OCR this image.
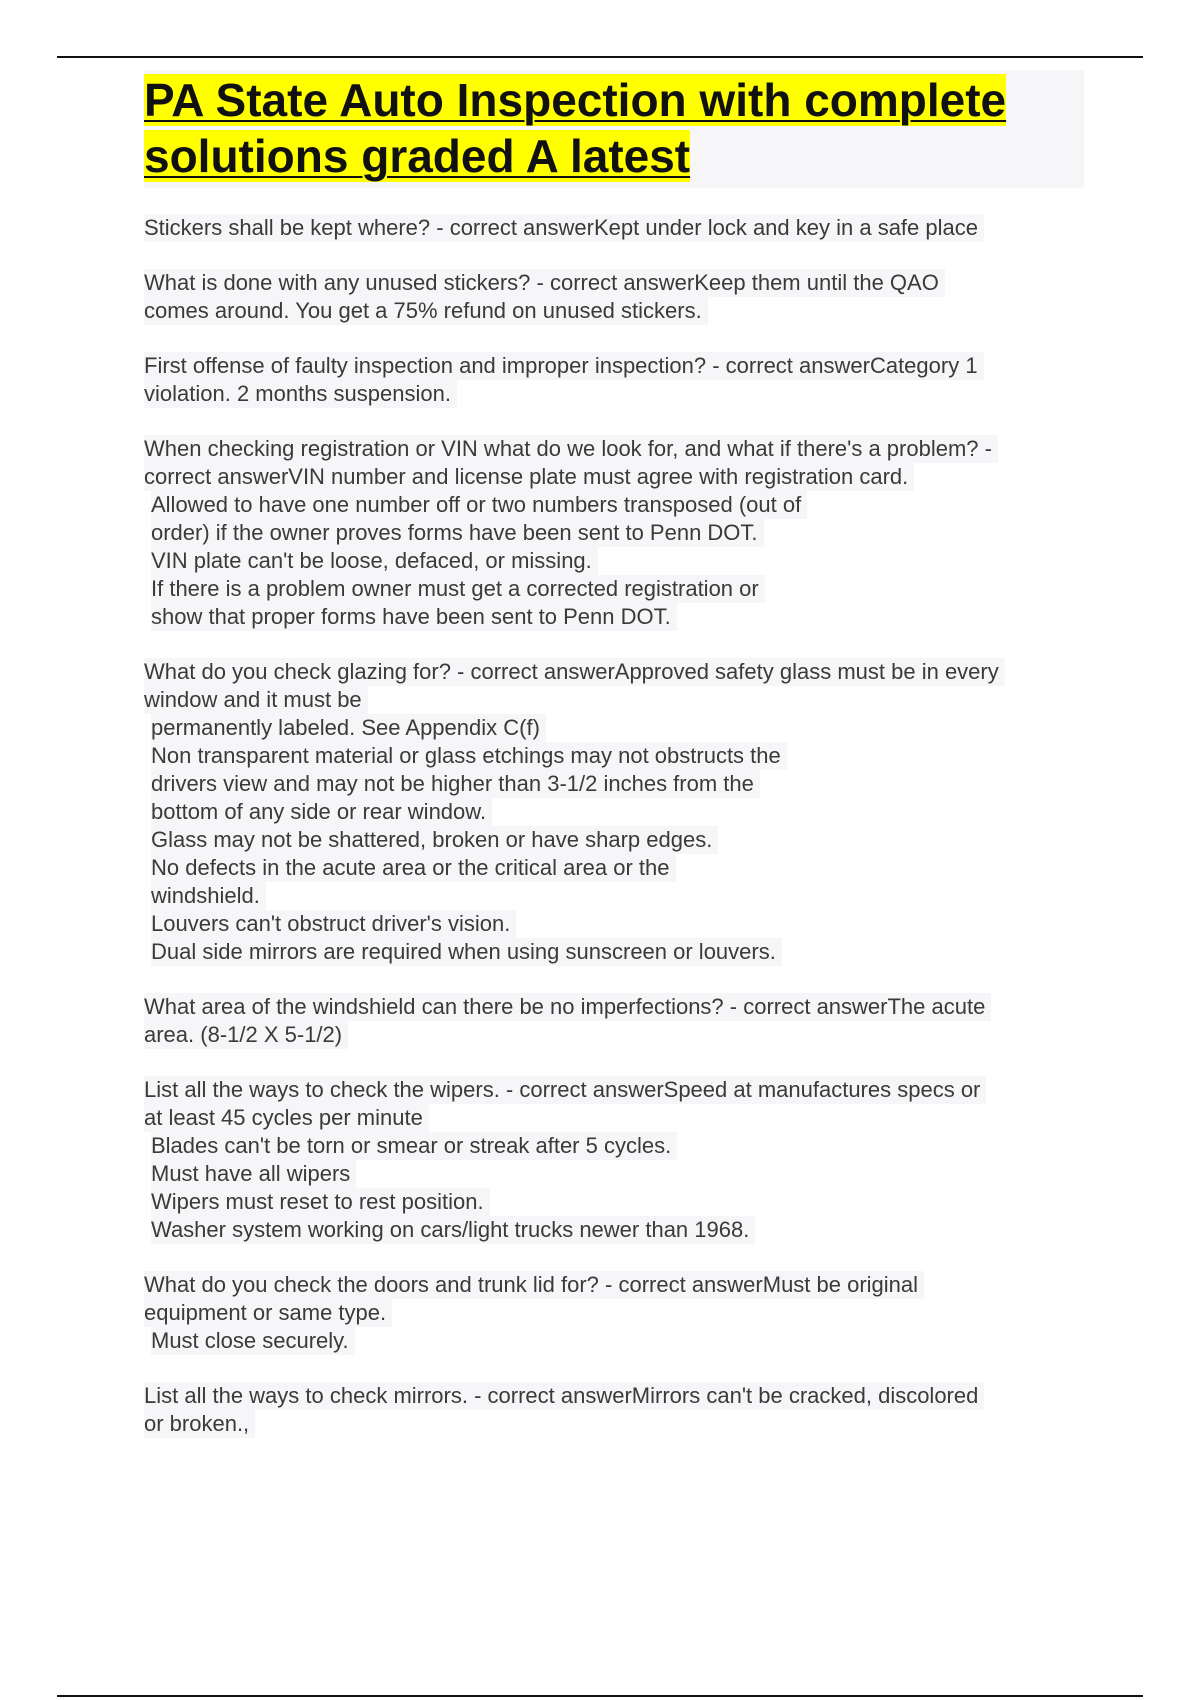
PA State Auto Inspection with complete
solutions graded A latest
Stickers shall be kept where? - correct answerKept under lock and key in a safe place
What is done with any unused stickers? - correct answerKeep them until the QAO
comes around. You get a 75% refund on unused stickers.
First offense of faulty inspection and improper inspection? - correct answerCategory 1
violation. 2 months suspension.
When checking registration or VIN what do we look for, and what if there's a problem? -
correct answerVIN number and license plate must agree with registration card.
Allowed to have one number off or two numbers transposed (out of
order) if the owner proves forms have been sent to Penn DOT.
VIN plate can't be loose, defaced, or missing.
If there is a problem owner must get a corrected registration or
show that proper forms have been sent to Penn DOT.
What do you check glazing for? - correct answerApproved safety glass must be in every
window and it must be
permanently labeled. See Appendix C(f)
Non transparent material or glass etchings may not obstructs the
drivers view and may not be higher than 3-1/2 inches from the
bottom of any side or rear window.
Glass may not be shattered, broken or have sharp edges.
No defects in the acute area or the critical area or the
windshield.
Louvers can't obstruct driver's vision.
Dual side mirrors are required when using sunscreen or louvers.
What area of the windshield can there be no imperfections? - correct answerThe acute
area. (8-1/2 X 5-1/2)
List all the ways to check the wipers. - correct answerSpeed at manufactures specs or
at least 45 cycles per minute
Blades can't be torn or smear or streak after 5 cycles.
Must have all wipers
Wipers must reset to rest position.
Washer system working on cars/light trucks newer than 1968.
What do you check the doors and trunk lid for? - correct answerMust be original
equipment or same type.
Must close securely.
List all the ways to check mirrors. - correct answerMirrors can't be cracked, discolored
or broken.,
